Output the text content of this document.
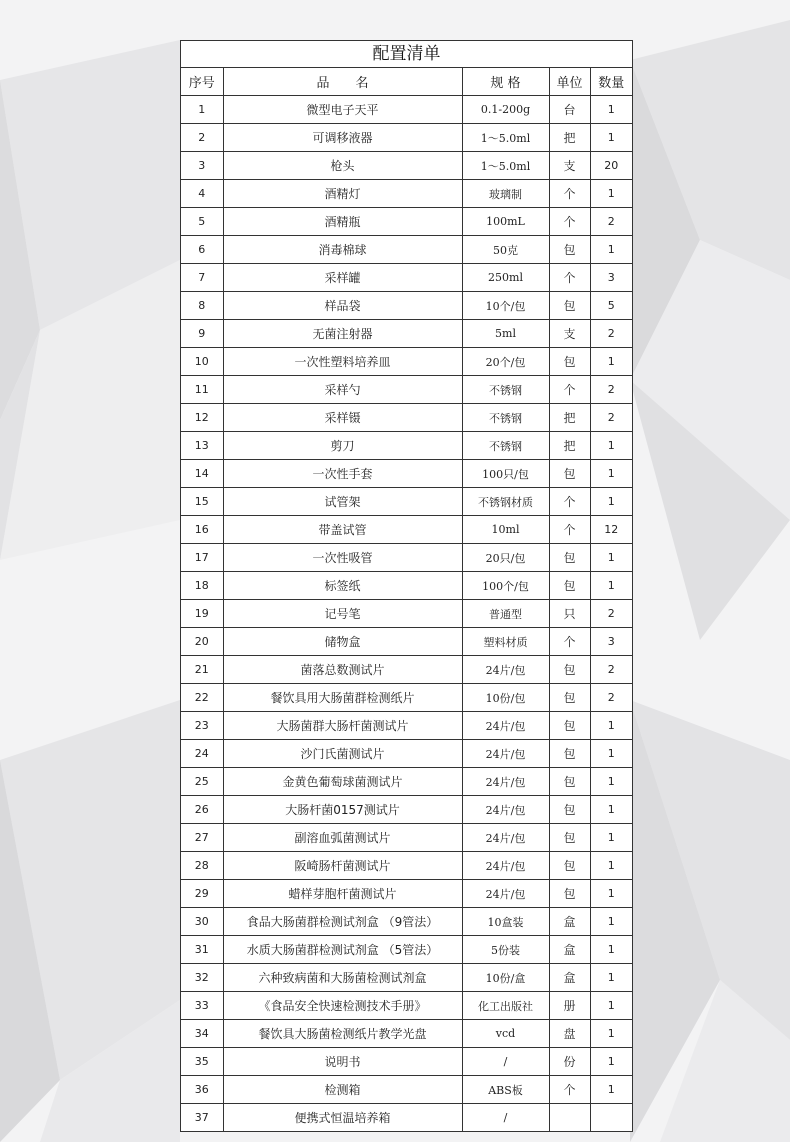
配置清单
序号	品　　名	规 格	单位	数量
1	微型电子天平	0.1-200g	台	1
2	可调移液器	1～5.0ml	把	1
3	枪头	1～5.0ml	支	20
4	酒精灯	玻璃制	个	1
5	酒精瓶	100mL	个	2
6	消毒棉球	50克	包	1
7	采样罐	250ml	个	3
8	样品袋	10个/包	包	5
9	无菌注射器	5ml	支	2
10	一次性塑料培养皿	20个/包	包	1
11	采样勺	不锈钢	个	2
12	采样镊	不锈钢	把	2
13	剪刀	不锈钢	把	1
14	一次性手套	100只/包	包	1
15	试管架	不锈钢材质	个	1
16	带盖试管	10ml	个	12
17	一次性吸管	20只/包	包	1
18	标签纸	100个/包	包	1
19	记号笔	普通型	只	2
20	储物盒	塑料材质	个	3
21	菌落总数测试片	24片/包	包	2
22	餐饮具用大肠菌群检测纸片	10份/包	包	2
23	大肠菌群大肠杆菌测试片	24片/包	包	1
24	沙门氏菌测试片	24片/包	包	1
25	金黄色葡萄球菌测试片	24片/包	包	1
26	大肠杆菌0157测试片	24片/包	包	1
27	副溶血弧菌测试片	24片/包	包	1
28	阪崎肠杆菌测试片	24片/包	包	1
29	蜡样芽胞杆菌测试片	24片/包	包	1
30	食品大肠菌群检测试剂盒 （9管法）	10盒装	盒	1
31	水质大肠菌群检测试剂盒 （5管法）	5份装	盒	1
32	六种致病菌和大肠菌检测试剂盒	10份/盒	盒	1
33	《食品安全快速检测技术手册》	化工出版社	册	1
34	餐饮具大肠菌检测纸片教学光盘	vcd	盘	1
35	说明书	/	份	1
36	检测箱	ABS板	个	1
37	便携式恒温培养箱	/		
